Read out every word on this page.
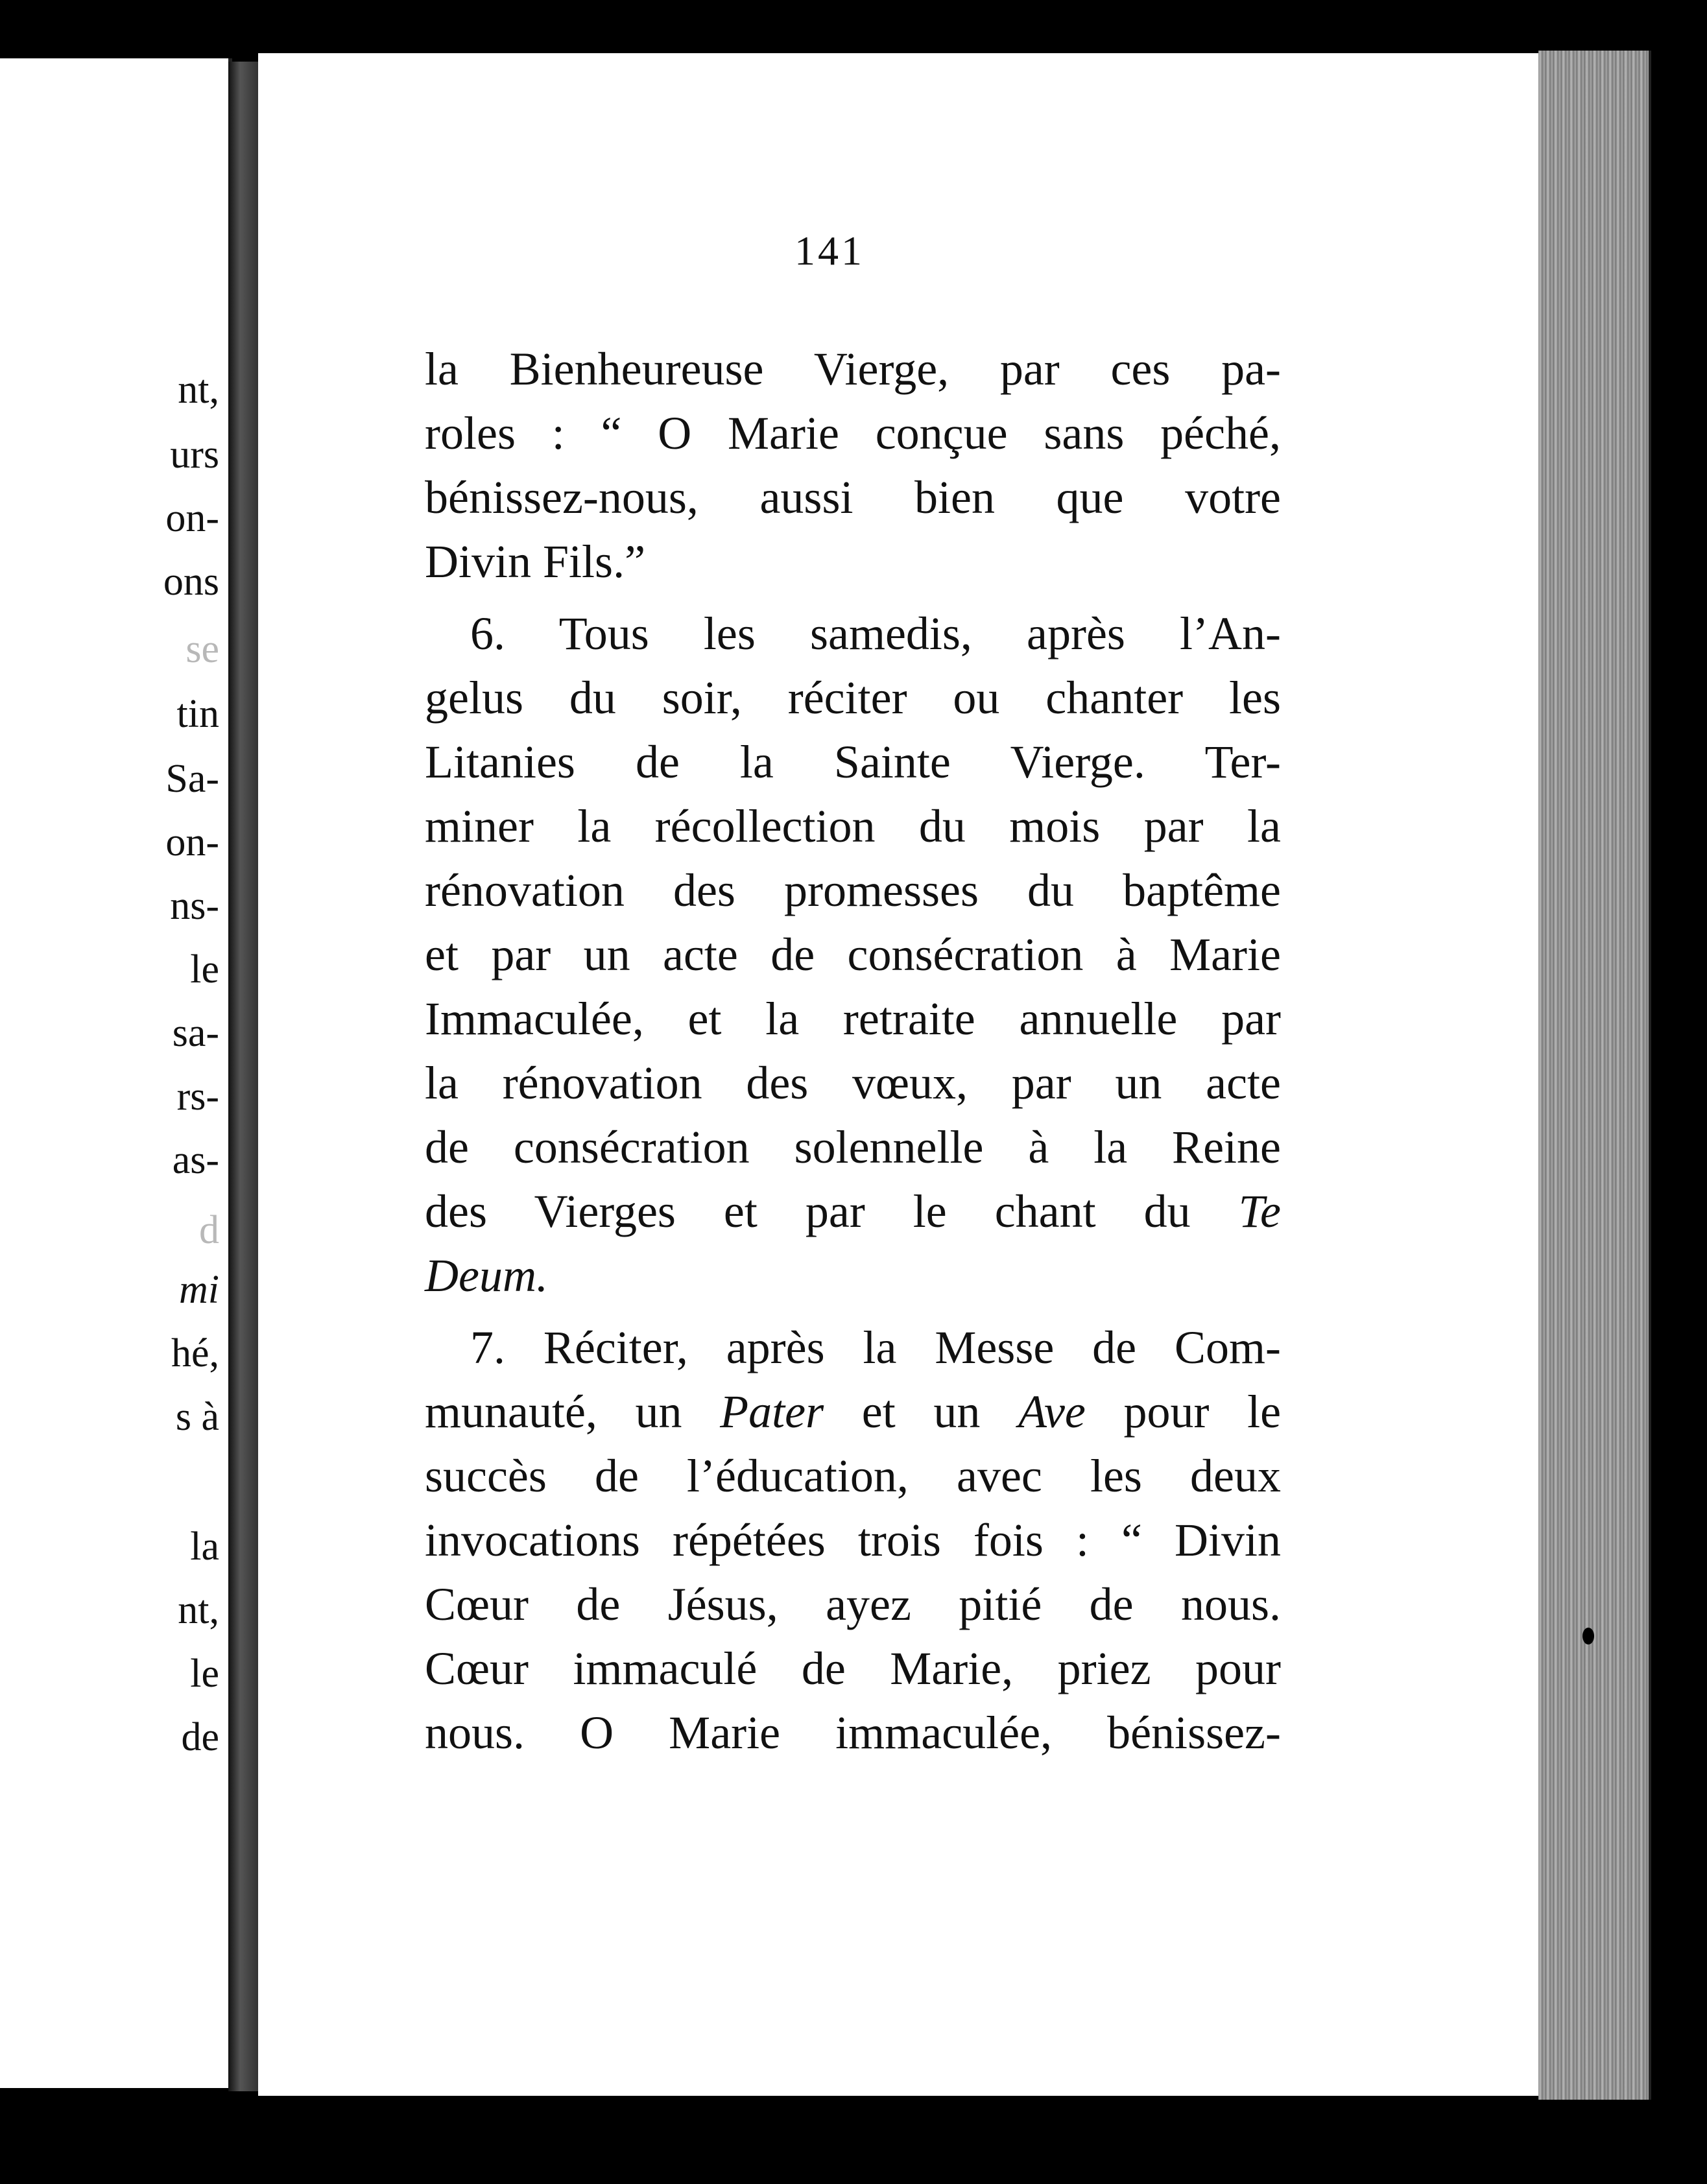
nt,
urs
on-
ons
se
tin
Sa-
on-
ns-
le
sa-
rs-
as-
d
mi
hé,
s à
la
nt,
le
de
141
la Bienheureuse Vierge, par ces pa-
roles : “ O Marie conçue sans péché,
bénissez-nous, aussi bien que votre
Divin Fils.”
6. Tous les samedis, après l’An-
gelus du soir, réciter ou chanter les
Litanies de la Sainte Vierge. Ter-
miner la récollection du mois par la
rénovation des promesses du baptême
et par un acte de consécration à Marie
Immaculée, et la retraite annuelle par
la rénovation des vœux, par un acte
de consécration solennelle à la Reine
des Vierges et par le chant du Te
Deum.
7. Réciter, après la Messe de Com-
munauté, un Pater et un Ave pour le
succès de l’éducation, avec les deux
invocations répétées trois fois : “ Divin
Cœur de Jésus, ayez pitié de nous.
Cœur immaculé de Marie, priez pour
nous. O Marie immaculée, bénissez-
